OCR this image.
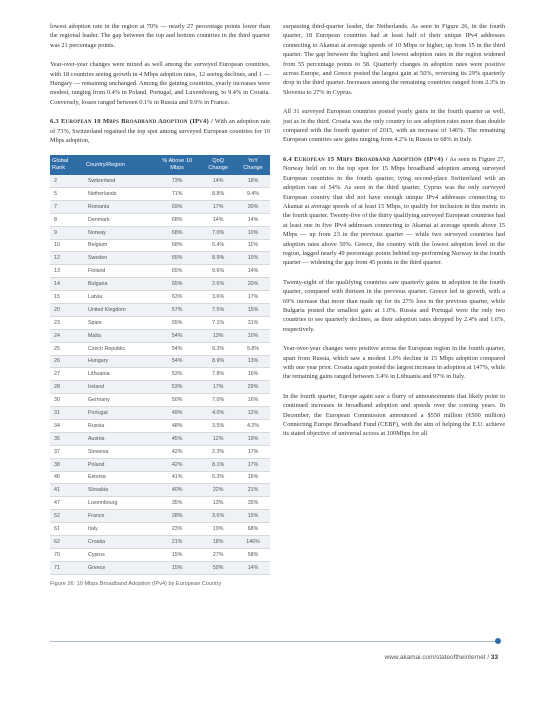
lowest adoption rate in the region at 70% — nearly 27 percentage points lower than the regional leader. The gap between the top and bottom countries in the third quarter was 21 percentage points.

Year-over-year changes were mixed as well among the surveyed European countries, with 18 countries seeing growth in 4 Mbps adoption rates, 12 seeing declines, and 1 — Hungary — remaining unchanged. Among the gaining countries, yearly increases were modest, ranging from 0.4% in Poland, Portugal, and Luxembourg, to 9.4% in Croatia. Conversely, losses ranged between 0.1% in Russia and 9.9% in France.

6.3 European 10 Mbps Broadband Adoption (IPv4) / With an adoption rate of 73%, Switzerland regained the top spot among surveyed European countries for 10 Mbps adoption,
Global Rank	Country/Region	% Above 10 Mbps	QoQ Change	YoY Change
2	Switzerland	73%	14%	18%
5	Netherlands	71%	8.8%	9.4%
7	Romania	69%	17%	30%
8	Denmark	68%	14%	14%
9	Norway	68%	7.0%	10%
10	Belgium	68%	5.4%	11%
12	Sweden	65%	8.9%	10%
13	Finland	65%	9.6%	14%
14	Bulgaria	65%	2.6%	20%
15	Latvia	63%	3.6%	17%
20	United Kingdom	57%	7.5%	15%
23	Spain	55%	7.1%	31%
24	Malta	54%	13%	10%
25	Czech Republic	54%	9.3%	5.8%
26	Hungary	54%	8.9%	13%
27	Lithuania	53%	7.8%	16%
28	Ireland	53%	17%	29%
30	Germany	50%	7.0%	16%
31	Portugal	49%	4.0%	12%
34	Russia	48%	3.5%	4.2%
35	Austria	45%	12%	19%
37	Slovenia	42%	2.3%	17%
38	Poland	42%	8.1%	17%
40	Estonia	41%	5.3%	16%
41	Slovakia	40%	22%	21%
47	Luxembourg	35%	13%	35%
52	France	28%	3.6%	15%
61	Italy	23%	19%	68%
62	Croatia	21%	18%	146%
70	Cyprus	15%	27%	58%
71	Greece	15%	50%	14%
Figure 26: 10 Mbps Broadband Adoption (IPv4) by European Country

surpassing third-quarter leader, the Netherlands. As seen in Figure 26, in the fourth quarter, 18 European countries had at least half of their unique IPv4 addresses connecting to Akamai at average speeds of 10 Mbps or higher, up from 15 in the third quarter. The gap between the highest and lowest adoption rates in the region widened from 55 percentage points to 58. Quarterly changes in adoption rates were positive across Europe, and Greece posted the largest gain at 50%, reversing its 29% quarterly drop in the third quarter. Increases among the remaining countries ranged from 2.3% in Slovenia to 27% in Cyprus.

All 31 surveyed European countries posted yearly gains in the fourth quarter as well, just as in the third. Croatia was the only country to see adoption rates more than double compared with the fourth quarter of 2015, with an increase of 146%. The remaining European countries saw gains ranging from 4.2% in Russia to 68% in Italy.

6.4 European 15 Mbps Broadband Adoption (IPv4) / As seen in Figure 27, Norway held on to the top spot for 15 Mbps broadband adoption among surveyed European countries in the fourth quarter, tying second-place Switzerland with an adoption rate of 54%. As seen in the third quarter, Cyprus was the only surveyed European country that did not have enough unique IPv4 addresses connecting to Akamai at average speeds of at least 15 Mbps, to qualify for inclusion in this metric in the fourth quarter. Twenty-five of the thirty qualifying surveyed European countries had at least one in five IPv4 addresses connecting to Akamai at average speeds above 15 Mbps — up from 23 in the previous quarter — while two surveyed countries had adoption rates above 50%. Greece, the country with the lowest adoption level in the region, lagged nearly 49 percentage points behind top-performing Norway in the fourth quarter — widening the gap from 45 points in the third quarter.

Twenty-eight of the qualifying countries saw quarterly gains in adoption in the fourth quarter, compared with thirteen in the previous quarter. Greece led in growth, with a 69% increase that more than made up for its 27% loss in the previous quarter, while Bulgaria posted the smallest gain at 1.0%. Russia and Portugal were the only two countries to see quarterly declines, as their adoption rates dropped by 2.4% and 1.6%, respectively.

Year-over-year changes were positive across the European region in the fourth quarter, apart from Russia, which saw a modest 1.0% decline in 15 Mbps adoption compared with one year prior. Croatia again posted the largest increase in adoption at 147%, while the remaining gains ranged between 3.4% in Lithuania and 97% in Italy.

In the fourth quarter, Europe again saw a flurry of announcements that likely point to continued increases in broadband adoption and speeds over the coming years. In December, the European Commission announced a $550 million (€500 million) Connecting Europe Broadband Fund (CEBF), with the aim of helping the E.U. achieve its stated objective of universal access at 100Mbps for all

www.akamai.com/stateoftheinternet / 33
